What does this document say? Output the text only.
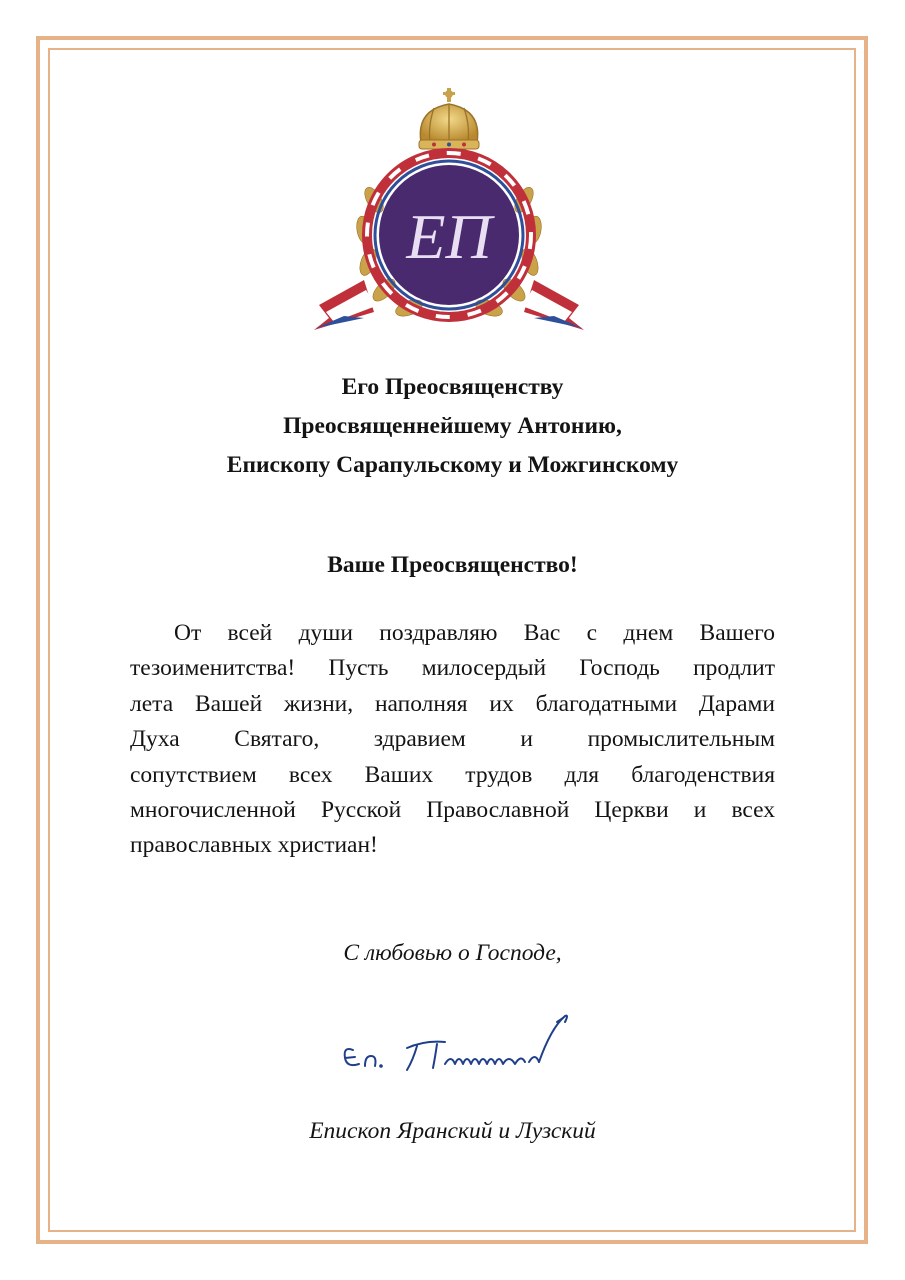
ЕП
Его Преосвященству
Преосвященнейшему Антонию,
Епископу Сарапульскому и Можгинскому
Ваше Преосвященство!
От всей души поздравляю Вас с днем Вашего
тезоименитства! Пусть милосердый Господь продлит
лета Вашей жизни, наполняя их благодатными Дарами
Духа Святаго, здравием и промыслительным
сопутствием всех Ваших трудов для благоденствия
многочисленной Русской Православной Церкви и всех
православных христиан!
С любовью о Господе,
Епископ Яранский и Лузский
